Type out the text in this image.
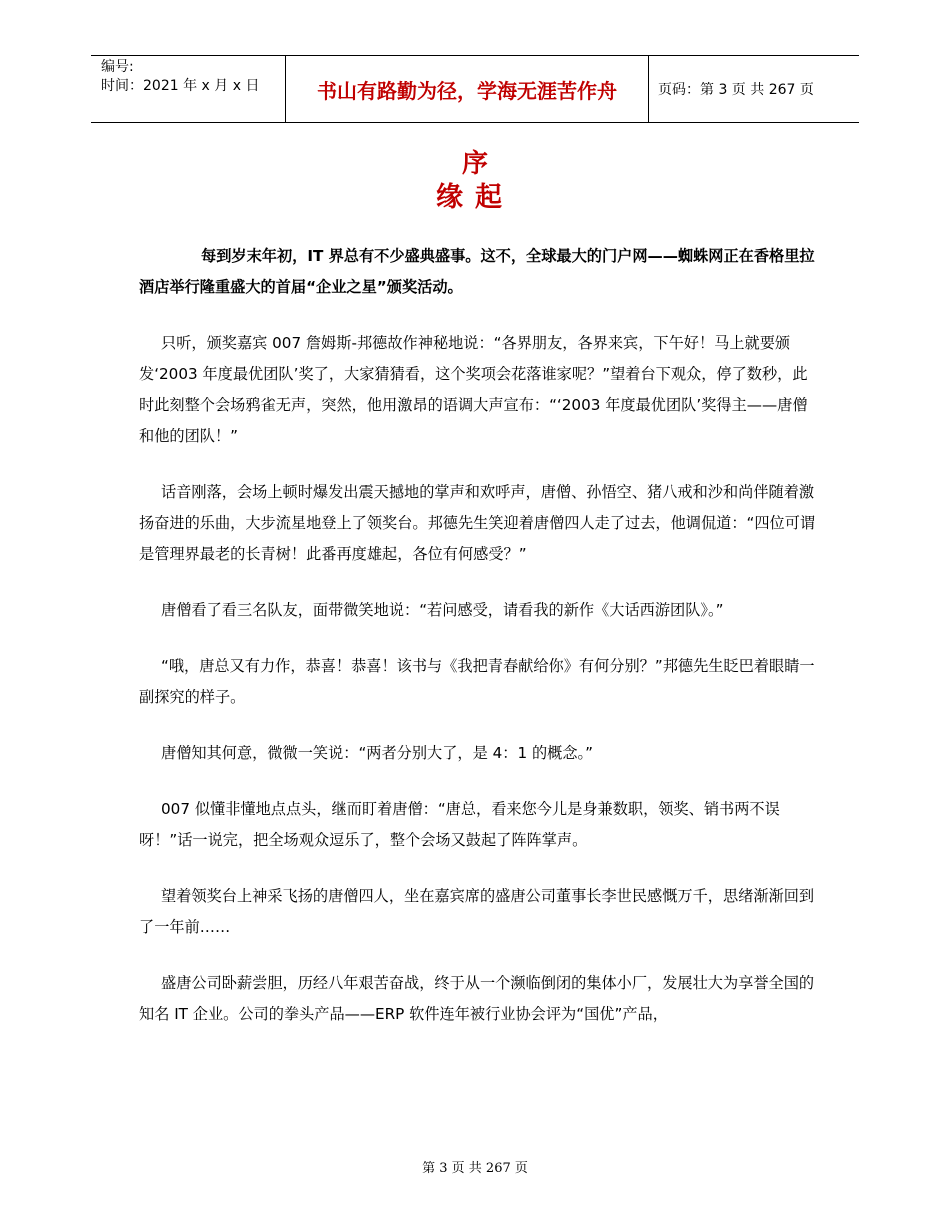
编号:
时间：2021 年 x 月 x 日	书山有路勤为径，学海无涯苦作舟	页码：第 3 页 共 267 页
序
缘起

每到岁末年初，IT 界总有不少盛典盛事。这不，全球最大的门户网——蜘蛛网正在香格里拉酒店举行隆重盛大的首届“企业之星”颁奖活动。

只听，颁奖嘉宾 007 詹姆斯-邦德故作神秘地说：“各界朋友，各界来宾，下午好！马上就要颁发‘2003 年度最优团队’奖了，大家猜猜看，这个奖项会花落谁家呢？”望着台下观众，停了数秒，此时此刻整个会场鸦雀无声，突然，他用激昂的语调大声宣布：“‘2003 年度最优团队’奖得主——唐僧和他的团队！”

话音刚落，会场上顿时爆发出震天撼地的掌声和欢呼声，唐僧、孙悟空、猪八戒和沙和尚伴随着激扬奋进的乐曲，大步流星地登上了领奖台。邦德先生笑迎着唐僧四人走了过去，他调侃道：“四位可谓是管理界最老的长青树！此番再度雄起，各位有何感受？”

唐僧看了看三名队友，面带微笑地说：“若问感受，请看我的新作《大话西游团队》。”

“哦，唐总又有力作，恭喜！恭喜！该书与《我把青春献给你》有何分别？”邦德先生眨巴着眼睛一副探究的样子。

唐僧知其何意，微微一笑说：“两者分别大了，是 4：1 的概念。”

007 似懂非懂地点点头，继而盯着唐僧：“唐总，看来您今儿是身兼数职，领奖、销书两不误呀！”话一说完，把全场观众逗乐了，整个会场又鼓起了阵阵掌声。

望着领奖台上神采飞扬的唐僧四人，坐在嘉宾席的盛唐公司董事长李世民感慨万千，思绪渐渐回到了一年前……

盛唐公司卧薪尝胆，历经八年艰苦奋战，终于从一个濒临倒闭的集体小厂，发展壮大为享誉全国的知名 IT 企业。公司的拳头产品——ERP 软件连年被行业协会评为“国优”产品，

第 3 页 共 267 页
